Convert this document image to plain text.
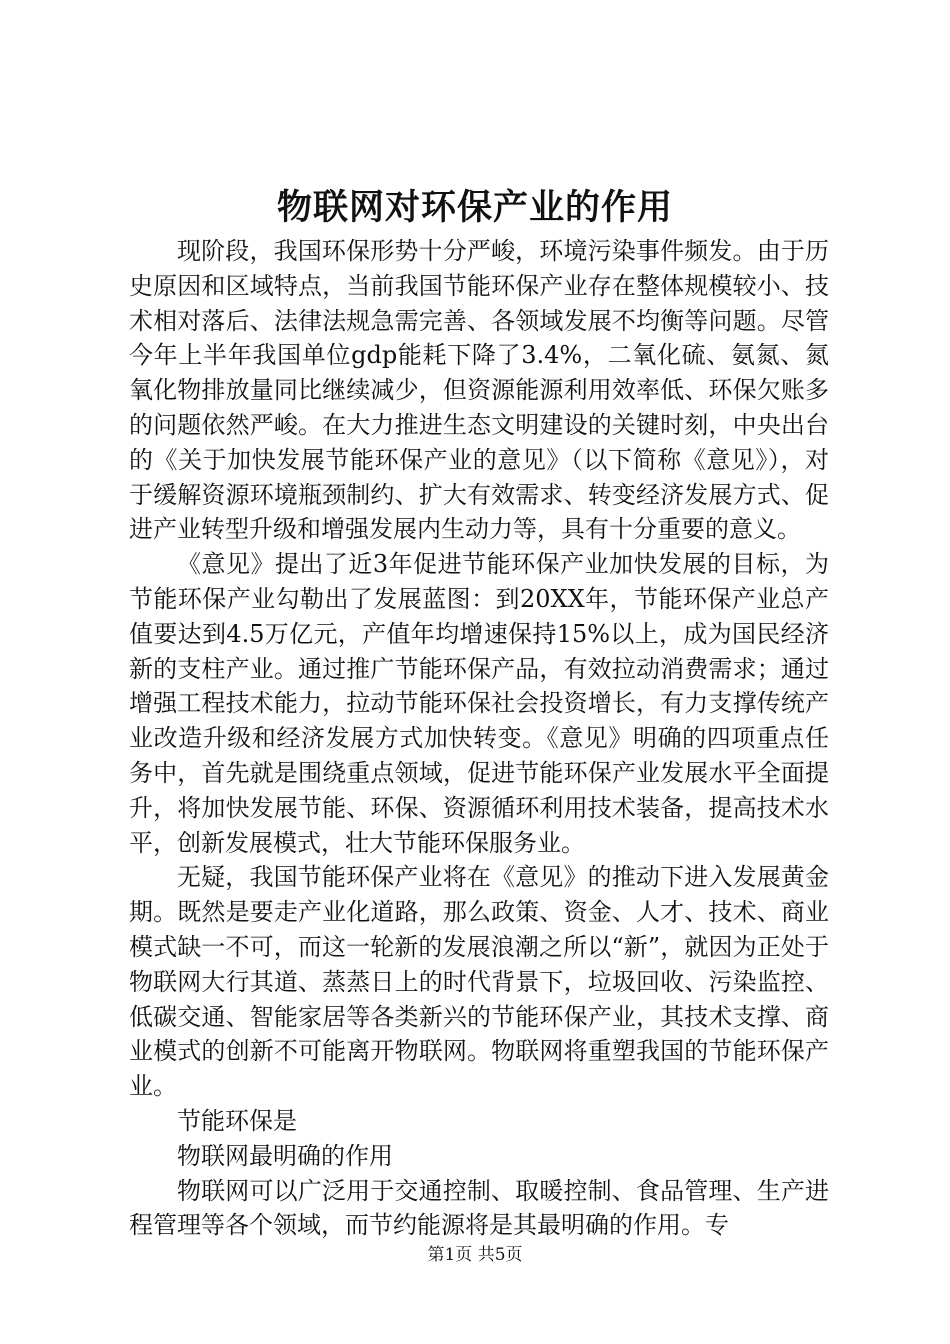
物联网对环保产业的作用

现阶段，我国环保形势十分严峻，环境污染事件频发。由于历史原因和区域特点，当前我国节能环保产业存在整体规模较小、技术相对落后、法律法规急需完善、各领域发展不均衡等问题。尽管今年上半年我国单位gdp能耗下降了3.4%，二氧化硫、氨氮、氮氧化物排放量同比继续减少，但资源能源利用效率低、环保欠账多的问题依然严峻。在大力推进生态文明建设的关键时刻，中央出台的《关于加快发展节能环保产业的意见》（以下简称《意见》），对于缓解资源环境瓶颈制约、扩大有效需求、转变经济发展方式、促进产业转型升级和增强发展内生动力等，具有十分重要的意义。

《意见》提出了近3年促进节能环保产业加快发展的目标，为节能环保产业勾勒出了发展蓝图：到20XX年，节能环保产业总产值要达到4.5万亿元，产值年均增速保持15%以上，成为国民经济新的支柱产业。通过推广节能环保产品，有效拉动消费需求；通过增强工程技术能力，拉动节能环保社会投资增长，有力支撑传统产业改造升级和经济发展方式加快转变。《意见》明确的四项重点任务中，首先就是围绕重点领域，促进节能环保产业发展水平全面提升，将加快发展节能、环保、资源循环利用技术装备，提高技术水平，创新发展模式，壮大节能环保服务业。

无疑，我国节能环保产业将在《意见》的推动下进入发展黄金期。既然是要走产业化道路，那么政策、资金、人才、技术、商业模式缺一不可，而这一轮新的发展浪潮之所以“新”，就因为正处于物联网大行其道、蒸蒸日上的时代背景下，垃圾回收、污染监控、低碳交通、智能家居等各类新兴的节能环保产业，其技术支撑、商业模式的创新不可能离开物联网。物联网将重塑我国的节能环保产业。

节能环保是

物联网最明确的作用

物联网可以广泛用于交通控制、取暖控制、食品管理、生产进程管理等各个领域，而节约能源将是其最明确的作用。专

第1页 共5页
